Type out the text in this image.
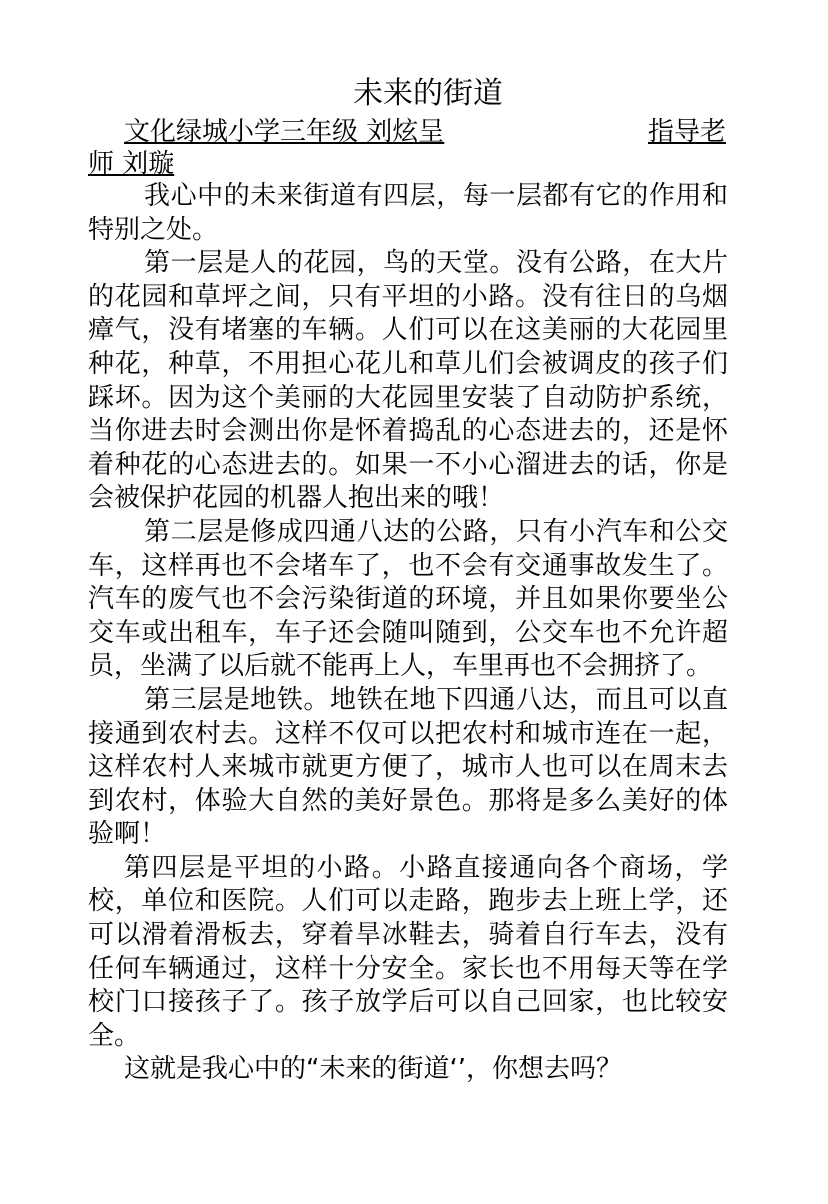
未来的街道
文化绿城小学三年级 刘炫呈	指导老
师 刘璇

我心中的未来街道有四层，每一层都有它的作用和特别之处。

第一层是人的花园，鸟的天堂。没有公路，在大片的花园和草坪之间，只有平坦的小路。没有往日的乌烟瘴气，没有堵塞的车辆。人们可以在这美丽的大花园里种花，种草，不用担心花儿和草儿们会被调皮的孩子们踩坏。因为这个美丽的大花园里安装了自动防护系统，当你进去时会测出你是怀着捣乱的心态进去的，还是怀着种花的心态进去的。如果一不小心溜进去的话，你是会被保护花园的机器人抱出来的哦！

第二层是修成四通八达的公路，只有小汽车和公交车，这样再也不会堵车了，也不会有交通事故发生了。汽车的废气也不会污染街道的环境，并且如果你要坐公交车或出租车，车子还会随叫随到，公交车也不允许超员，坐满了以后就不能再上人，车里再也不会拥挤了。

第三层是地铁。地铁在地下四通八达，而且可以直接通到农村去。这样不仅可以把农村和城市连在一起，这样农村人来城市就更方便了，城市人也可以在周末去到农村，体验大自然的美好景色。那将是多么美好的体验啊！

第四层是平坦的小路。小路直接通向各个商场，学校，单位和医院。人们可以走路，跑步去上班上学，还可以滑着滑板去，穿着旱冰鞋去，骑着自行车去，没有任何车辆通过，这样十分安全。家长也不用每天等在学校门口接孩子了。孩子放学后可以自己回家，也比较安全。

这就是我心中的“未来的街道‘’，你想去吗？
